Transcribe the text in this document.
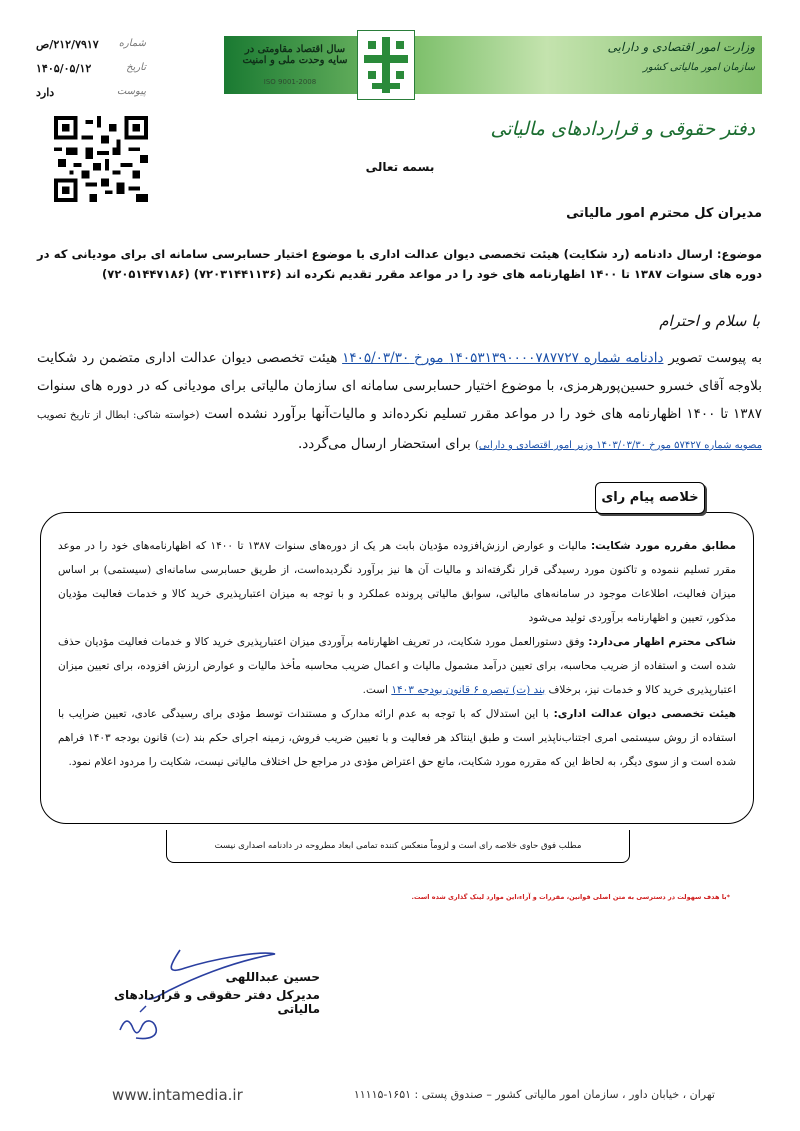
سال اقتصاد مقاومتی در سایه وحدت ملی و امنیت
ISO 9001-2008
وزارت امور اقتصادی و دارایی
سازمان امور مالیاتی کشور
دفتر حقوقی و قراردادهای مالیاتی
شماره
۲۱۲/۷۹۱۷/ص
تاریخ
۱۴۰۵/۰۵/۱۲
پیوست
دارد
بسمه تعالی
مدیران کل محترم امور مالیاتی
موضوع: ارسال دادنامه (رد شکایت) هیئت تخصصی دیوان عدالت اداری با موضوع اختیار حسابرسی سامانه ای برای مودیانی که در دوره های سنوات ۱۳۸۷ تا ۱۴۰۰ اظهارنامه های خود را در مواعد مقرر تقدیم نکرده اند (۷۲۰۳۱۴۴۱۱۳۶) (۷۲۰۵۱۴۴۷۱۸۶)
با سلام و احترام
به پیوست تصویر دادنامه شماره ۱۴۰۵۳۱۳۹۰۰۰۰۷۸۷۷۲۷ مورخ ۱۴۰۵/۰۳/۳۰ هیئت تخصصی دیوان عدالت اداری متضمن رد شکایت بلاوجه آقای خسرو حسین‌پورهرمزی، با موضوع اختیار حسابرسی سامانه ای سازمان مالیاتی برای مودیانی که در دوره های سنوات ۱۳۸۷ تا ۱۴۰۰ اظهارنامه های خود را در مواعد مقرر تسلیم نکرده‌اند و مالیات‌آنها برآورد نشده است (خواسته شاکی: ابطال از تاریخ تصویب مصوبه شماره ۵۷۴۲۷ مورخ ۱۴۰۳/۰۳/۳۰ وزیر امور اقتصادی و دارایی) برای استحضار ارسال می‌گردد.
خلاصه پیام رای
مطابق مقرره مورد شکایت: مالیات و عوارض ارزش‌افزوده مؤدیان بابت هر یک از دوره‌های سنوات ۱۳۸۷ تا ۱۴۰۰ که اظهارنامه‌های خود را در موعد مقرر تسلیم ننموده و تاکنون مورد رسیدگی قرار نگرفته‌اند و مالیات آن ها نیز برآورد نگردیده‌است، از طریق حسابرسی سامانه‌ای (سیستمی) بر اساس میزان فعالیت، اطلاعات موجود در سامانه‌های مالیاتی، سوابق مالیاتی پرونده عملکرد و با توجه به میزان اعتبارپذیری خرید کالا و خدمات فعالیت مؤدیان مذکور، تعیین و اظهارنامه برآوردی تولید می‌شود
شاکی محترم اظهار می‌دارد: وفق دستورالعمل مورد شکایت، در تعریف اظهارنامه برآوردی میزان اعتبارپذیری خرید کالا و خدمات فعالیت مؤدیان حذف شده است و استفاده از ضریب محاسبه، برای تعیین درآمد مشمول مالیات و اعمال ضریب محاسبه مأخذ مالیات و عوارض ارزش افزوده، برای تعیین میزان اعتبارپذیری خرید کالا و خدمات نیز، برخلاف بند (ت) تبصره ۶ قانون بودجه ۱۴۰۳ است.
هیئت تخصصی دیوان عدالت اداری: با این استدلال که با توجه به عدم ارائه مدارک و مستندات توسط مؤدی برای رسیدگی عادی، تعیین ضرایب با استفاده از روش سیستمی امری اجتناب‌ناپذیر است و طبق اینتاکد هر فعالیت و با تعیین ضریب فروش، زمینه اجرای حکم بند (ت) قانون بودجه ۱۴۰۳ فراهم شده است و از سوی دیگر، به لحاظ این که مقرره مورد شکایت، مانع حق اعتراض مؤدی در مراجع حل اختلاف مالیاتی نیست، شکایت را مردود اعلام نمود.
مطلب فوق حاوی خلاصه رای است و لزوماً منعکس کننده تمامی ابعاد مطروحه در دادنامه اصداری نیست
*با هدف سهولت در دسترسی به متن اصلی قوانین، مقررات و آراء،این موارد لینک گذاری شده است.
حسین عبداللهی
مدیرکل دفتر حقوقی و قراردادهای مالیاتی
تهران ، خیابان داور ، سازمان امور مالیاتی کشور – صندوق پستی : ۱۶۵۱-۱۱۱۱۵
www.intamedia.ir
